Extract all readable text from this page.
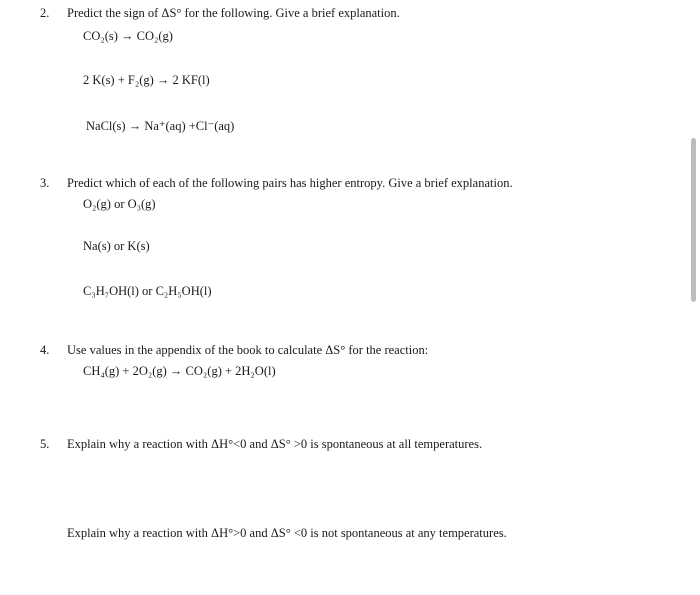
2.	Predict the sign of ΔS° for the following. Give a brief explanation.
CO₂(s) → CO₂(g)
2 K(s) + F₂(g) → 2 KF(l)
NaCl(s) → Na⁺(aq) +Cl⁻(aq)
3.	Predict which of each of the following pairs has higher entropy. Give a brief explanation.
O₂(g) or O₃(g)
Na(s) or K(s)
C₃H₇OH(l) or C₂H₅OH(l)
4.	Use values in the appendix of the book to calculate ΔS° for the reaction:
CH₄(g) + 2O₂(g) → CO₂(g) + 2H₂O(l)
5.	Explain why a reaction with ΔH°<0 and ΔS° >0 is spontaneous at all temperatures.
Explain why a reaction with ΔH°>0 and ΔS° <0 is not spontaneous at any temperatures.
